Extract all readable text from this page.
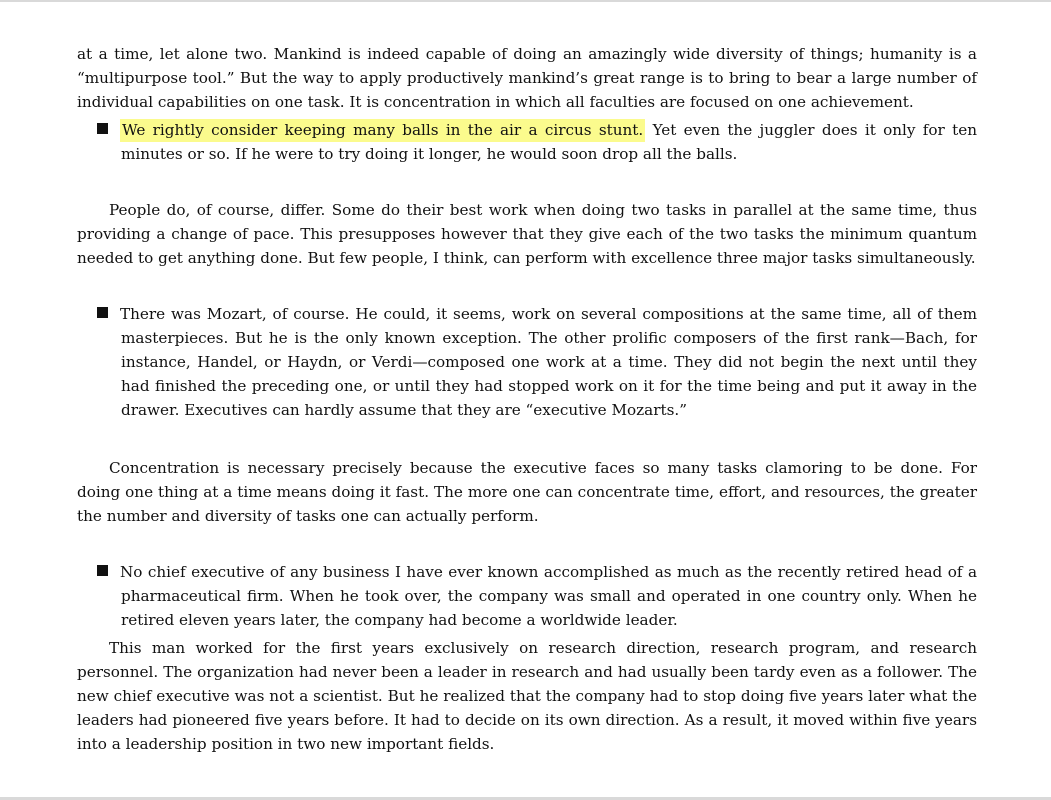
at a time, let alone two. Mankind is indeed capable of doing an amazingly wide diversity of things; humanity is a “multipurpose tool.” But the way to apply productively mankind’s great range is to bring to bear a large number of individual capabilities on one task. It is concentration in which all faculties are focused on one achievement.

We rightly consider keeping many balls in the air a circus stunt. Yet even the juggler does it only for ten minutes or so. If he were to try doing it longer, he would soon drop all the balls.

People do, of course, differ. Some do their best work when doing two tasks in parallel at the same time, thus providing a change of pace. This presupposes however that they give each of the two tasks the minimum quantum needed to get anything done. But few people, I think, can perform with excellence three major tasks simultaneously.

There was Mozart, of course. He could, it seems, work on several compositions at the same time, all of them masterpieces. But he is the only known exception. The other prolific composers of the first rank—Bach, for instance, Handel, or Haydn, or Verdi—composed one work at a time. They did not begin the next until they had finished the preceding one, or until they had stopped work on it for the time being and put it away in the drawer. Executives can hardly assume that they are “executive Mozarts.”

Concentration is necessary precisely because the executive faces so many tasks clamoring to be done. For doing one thing at a time means doing it fast. The more one can concentrate time, effort, and resources, the greater the number and diversity of tasks one can actually perform.

No chief executive of any business I have ever known accomplished as much as the recently retired head of a pharmaceutical firm. When he took over, the company was small and operated in one country only. When he retired eleven years later, the company had become a worldwide leader.

This man worked for the first years exclusively on research direction, research program, and research personnel. The organization had never been a leader in research and had usually been tardy even as a follower. The new chief executive was not a scientist. But he realized that the company had to stop doing five years later what the leaders had pioneered five years before. It had to decide on its own direction. As a result, it moved within five years into a leadership position in two new important fields.
